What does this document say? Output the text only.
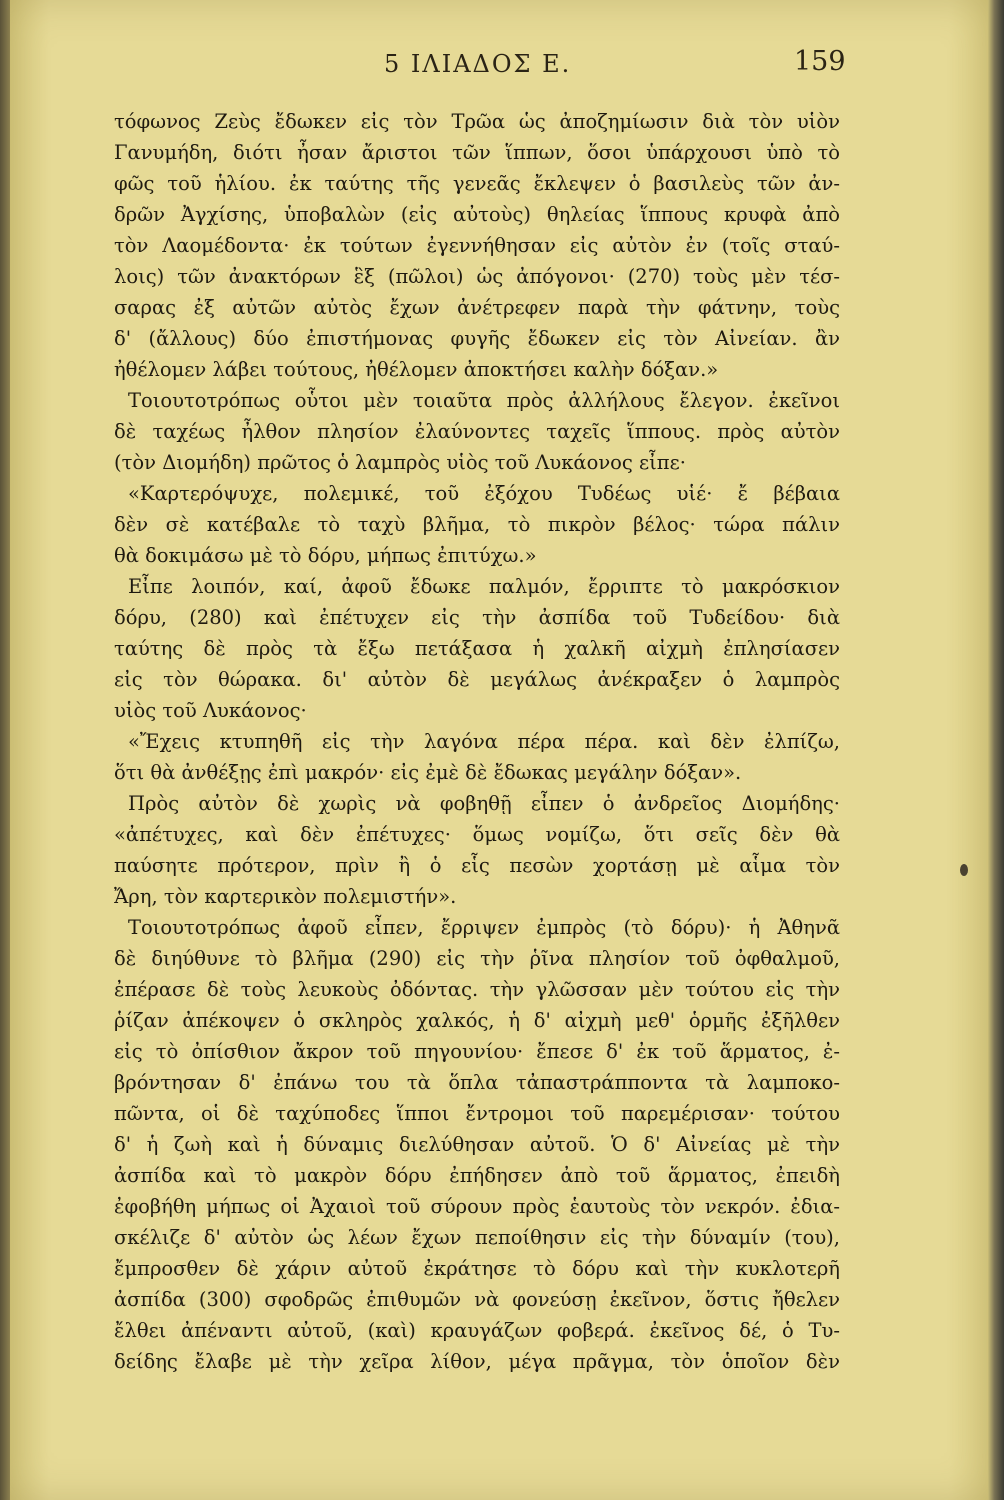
5 ΙΛΙΑΔΟΣ Ε.	159
τόφωνος Ζεὺς ἔδωκεν εἰς τὸν Τρῶα ὡς ἀποζημίωσιν διὰ τὸν υἱὸν
Γανυμήδη, διότι ἦσαν ἄριστοι τῶν ἵππων, ὅσοι ὑπάρχουσι ὑπὸ τὸ
φῶς τοῦ ἡλίου. ἐκ ταύτης τῆς γενεᾶς ἔκλεψεν ὁ βασιλεὺς τῶν ἀν-
δρῶν Ἀγχίσης, ὑποβαλὼν (εἰς αὐτοὺς) θηλείας ἵππους κρυφὰ ἀπὸ
τὸν Λαομέδοντα· ἐκ τούτων ἐγεννήθησαν εἰς αὐτὸν ἐν (τοῖς σταύ-
λοις) τῶν ἀνακτόρων ἓξ (πῶλοι) ὡς ἀπόγονοι· (270) τοὺς μὲν τέσ-
σαρας ἐξ αὐτῶν αὐτὸς ἔχων ἀνέτρεφεν παρὰ τὴν φάτνην, τοὺς
δ' (ἄλλους) δύο ἐπιστήμονας φυγῆς ἔδωκεν εἰς τὸν Αἰνείαν. ἂν
ἠθέλομεν λάβει τούτους, ἠθέλομεν ἀποκτήσει καλὴν δόξαν.»
Τοιουτοτρόπως οὗτοι μὲν τοιαῦτα πρὸς ἀλλήλους ἔλεγον. ἐκεῖνοι
δὲ ταχέως ἦλθον πλησίον ἐλαύνοντες ταχεῖς ἵππους. πρὸς αὐτὸν
(τὸν Διομήδη) πρῶτος ὁ λαμπρὸς υἱὸς τοῦ Λυκάονος εἶπε·
«Καρτερόψυχε, πολεμικέ, τοῦ ἐξόχου Τυδέως υἱέ· ἔ βέβαια
δὲν σὲ κατέβαλε τὸ ταχὺ βλῆμα, τὸ πικρὸν βέλος· τώρα πάλιν
θὰ δοκιμάσω μὲ τὸ δόρυ, μήπως ἐπιτύχω.»
Εἶπε λοιπόν, καί, ἀφοῦ ἔδωκε παλμόν, ἔρριπτε τὸ μακρόσκιον
δόρυ, (280) καὶ ἐπέτυχεν εἰς τὴν ἀσπίδα τοῦ Τυδείδου· διὰ
ταύτης δὲ πρὸς τὰ ἔξω πετάξασα ἡ χαλκῆ αἰχμὴ ἐπλησίασεν
εἰς τὸν θώρακα. δι' αὐτὸν δὲ μεγάλως ἀνέκραξεν ὁ λαμπρὸς
υἱὸς τοῦ Λυκάονος·
«Ἔχεις κτυπηθῆ εἰς τὴν λαγόνα πέρα πέρα. καὶ δὲν ἐλπίζω,
ὅτι θὰ ἀνθέξῃς ἐπὶ μακρόν· εἰς ἐμὲ δὲ ἔδωκας μεγάλην δόξαν».
Πρὸς αὐτὸν δὲ χωρὶς νὰ φοβηθῇ εἶπεν ὁ ἀνδρεῖος Διομήδης·
«ἀπέτυχες, καὶ δὲν ἐπέτυχες· ὅμως νομίζω, ὅτι σεῖς δὲν θὰ
παύσητε πρότερον, πρὶν ἢ ὁ εἷς πεσὼν χορτάσῃ μὲ αἷμα τὸν
Ἄρη, τὸν καρτερικὸν πολεμιστήν».
Τοιουτοτρόπως ἀφοῦ εἶπεν, ἔρριψεν ἐμπρὸς (τὸ δόρυ)· ἡ Ἀθηνᾶ
δὲ διηύθυνε τὸ βλῆμα (290) εἰς τὴν ῥῖνα πλησίον τοῦ ὀφθαλμοῦ,
ἐπέρασε δὲ τοὺς λευκοὺς ὀδόντας. τὴν γλῶσσαν μὲν τούτου εἰς τὴν
ῥίζαν ἀπέκοψεν ὁ σκληρὸς χαλκός, ἡ δ' αἰχμὴ μεθ' ὁρμῆς ἐξῆλθεν
εἰς τὸ ὀπίσθιον ἄκρον τοῦ πηγουνίου· ἔπεσε δ' ἐκ τοῦ ἅρματος, ἐ-
βρόντησαν δ' ἐπάνω του τὰ ὅπλα τἀπαστράπποντα τὰ λαμποκο-
πῶντα, οἱ δὲ ταχύποδες ἵπποι ἔντρομοι τοῦ παρεμέρισαν· τούτου
δ' ἡ ζωὴ καὶ ἡ δύναμις διελύθησαν αὐτοῦ. Ὁ δ' Αἰνείας μὲ τὴν
ἀσπίδα καὶ τὸ μακρὸν δόρυ ἐπήδησεν ἀπὸ τοῦ ἅρματος, ἐπειδὴ
ἐφοβήθη μήπως οἱ Ἀχαιοὶ τοῦ σύρουν πρὸς ἑαυτοὺς τὸν νεκρόν. ἐδια-
σκέλιζε δ' αὐτὸν ὡς λέων ἔχων πεποίθησιν εἰς τὴν δύναμίν (του),
ἔμπροσθεν δὲ χάριν αὐτοῦ ἐκράτησε τὸ δόρυ καὶ τὴν κυκλοτερῆ
ἀσπίδα (300) σφοδρῶς ἐπιθυμῶν νὰ φονεύσῃ ἐκεῖνον, ὅστις ἤθελεν
ἔλθει ἀπέναντι αὐτοῦ, (καὶ) κραυγάζων φοβερά. ἐκεῖνος δέ, ὁ Τυ-
δείδης ἔλαβε μὲ τὴν χεῖρα λίθον, μέγα πρᾶγμα, τὸν ὁποῖον δὲν
